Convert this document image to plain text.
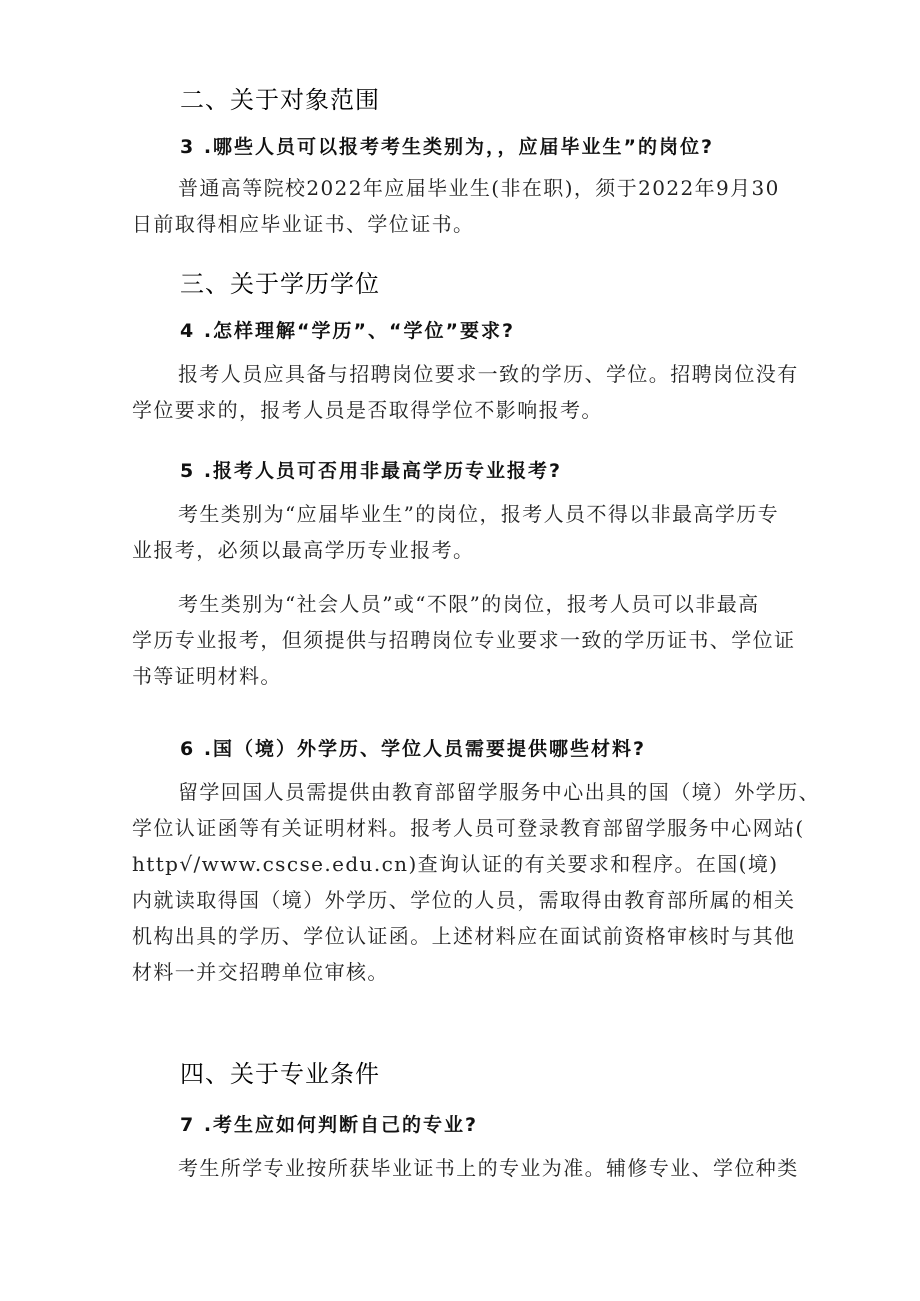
二、关于对象范围
3 .哪些人员可以报考考生类别为，，应届毕业生”的岗位?
普通高等院校2022年应届毕业生(非在职)，须于2022年9月30
日前取得相应毕业证书、学位证书。
三、关于学历学位
4 .怎样理解“学历”、“学位”要求?
报考人员应具备与招聘岗位要求一致的学历、学位。招聘岗位没有
学位要求的，报考人员是否取得学位不影响报考。
5 .报考人员可否用非最高学历专业报考?
考生类别为“应届毕业生”的岗位，报考人员不得以非最高学历专
业报考，必须以最高学历专业报考。
考生类别为“社会人员”或“不限”的岗位，报考人员可以非最高
学历专业报考，但须提供与招聘岗位专业要求一致的学历证书、学位证
书等证明材料。
6 .国（境）外学历、学位人员需要提供哪些材料?
留学回国人员需提供由教育部留学服务中心出具的国（境）外学历、
学位认证函等有关证明材料。报考人员可登录教育部留学服务中心网站(
http√/www.cscse.edu.cn)查询认证的有关要求和程序。在国(境)
内就读取得国（境）外学历、学位的人员，需取得由教育部所属的相关
机构出具的学历、学位认证函。上述材料应在面试前资格审核时与其他
材料一并交招聘单位审核。
四、关于专业条件
7 .考生应如何判断自己的专业?
考生所学专业按所获毕业证书上的专业为准。辅修专业、学位种类
